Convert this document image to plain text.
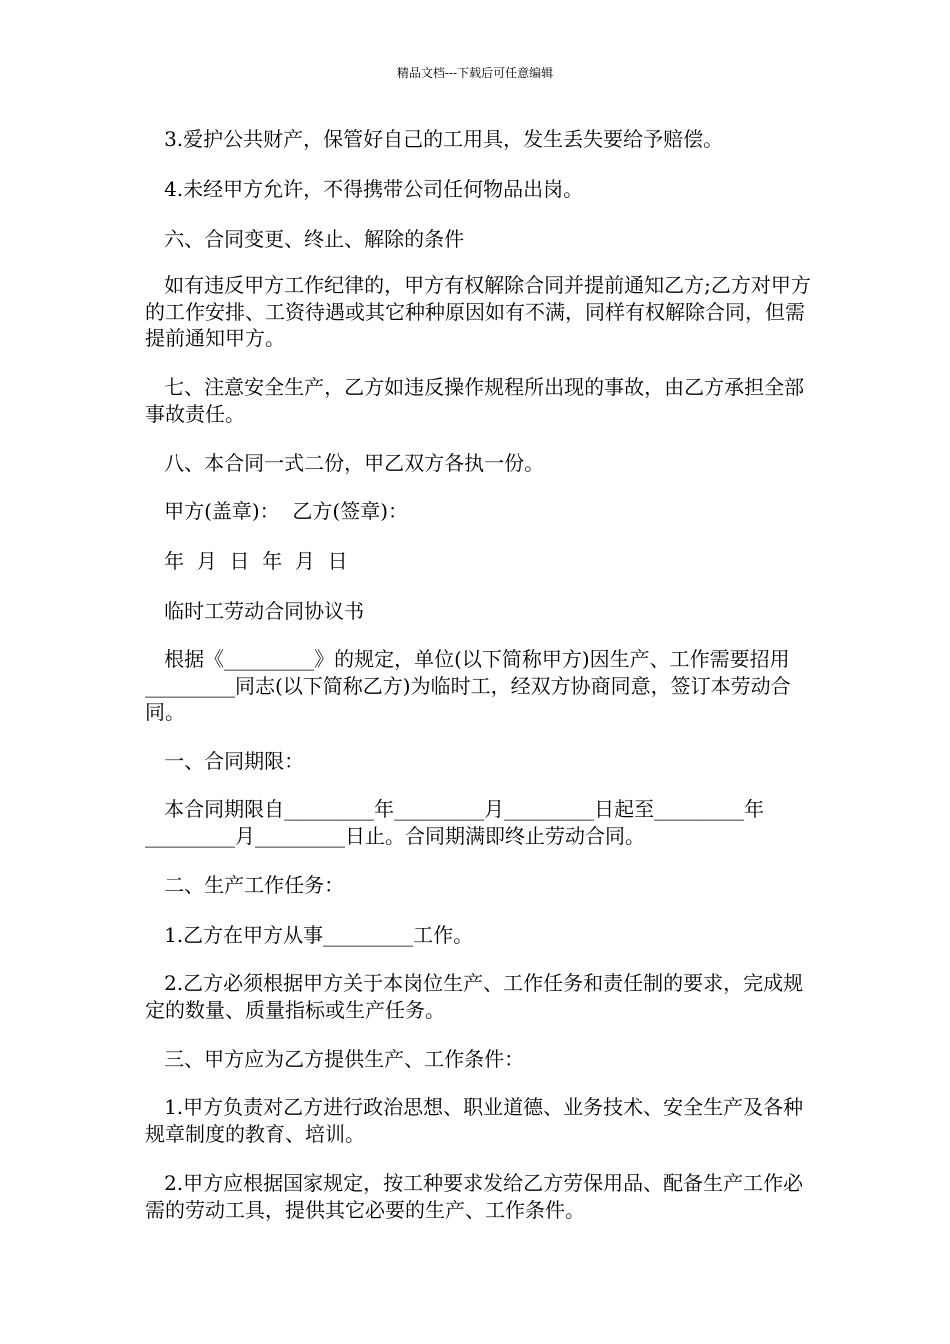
精品文档---下载后可任意编辑

3.爱护公共财产，保管好自己的工用具，发生丢失要给予赔偿。

4.未经甲方允许，不得携带公司任何物品出岗。

六、合同变更、终止、解除的条件

如有违反甲方工作纪律的，甲方有权解除合同并提前通知乙方;乙方对甲方的工作安排、工资待遇或其它种种原因如有不满，同样有权解除合同，但需提前通知甲方。

七、注意安全生产，乙方如违反操作规程所出现的事故，由乙方承担全部事故责任。

八、本合同一式二份，甲乙双方各执一份。

甲方(盖章)：  乙方(签章)：

年  月  日  年  月  日

临时工劳动合同协议书

根据《_________》的规定，单位(以下简称甲方)因生产、工作需要招用_________同志(以下简称乙方)为临时工，经双方协商同意，签订本劳动合同。

一、合同期限：

本合同期限自_________年_________月_________日起至_________年_________月_________日止。合同期满即终止劳动合同。

二、生产工作任务：

1.乙方在甲方从事_________工作。

2.乙方必须根据甲方关于本岗位生产、工作任务和责任制的要求，完成规定的数量、质量指标或生产任务。

三、甲方应为乙方提供生产、工作条件：

1.甲方负责对乙方进行政治思想、职业道德、业务技术、安全生产及各种规章制度的教育、培训。

2.甲方应根据国家规定，按工种要求发给乙方劳保用品、配备生产工作必需的劳动工具，提供其它必要的生产、工作条件。
